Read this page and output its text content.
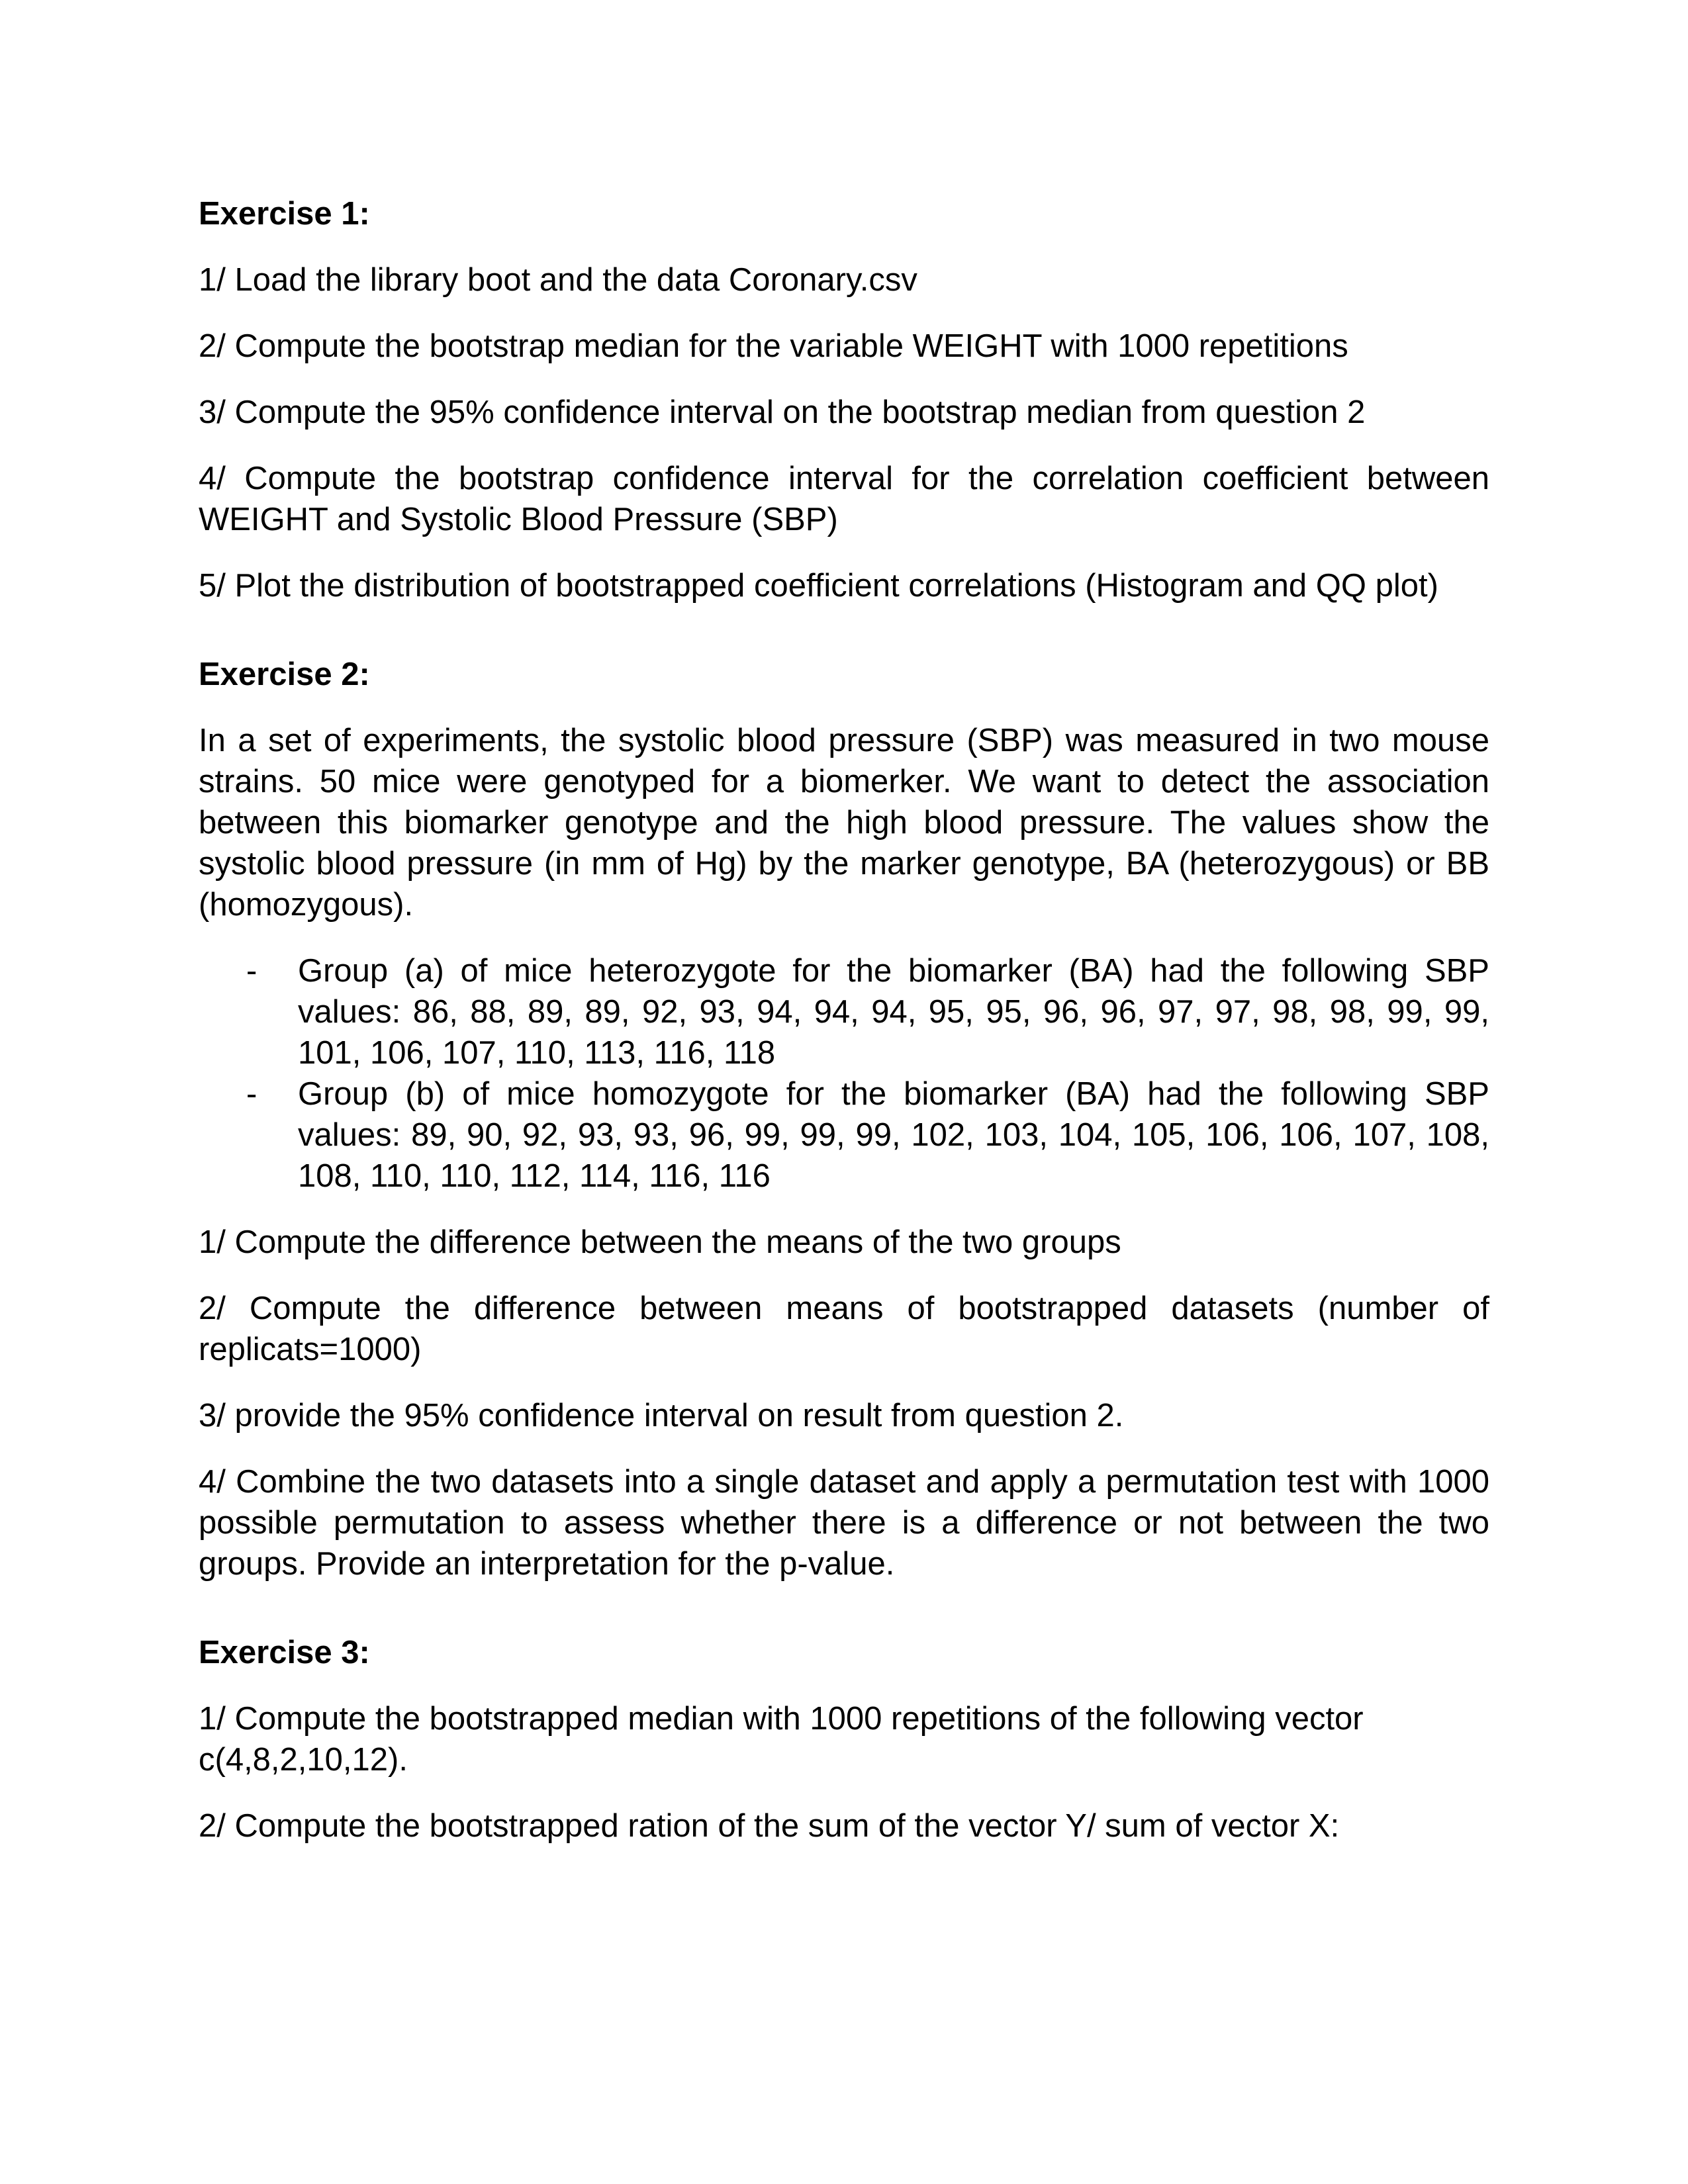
Exercise 1:

1/ Load the library boot and the data Coronary.csv

2/ Compute the bootstrap median for the variable WEIGHT with 1000 repetitions

3/ Compute the 95% confidence interval on the bootstrap median from question 2

4/ Compute the bootstrap confidence interval for the correlation coefficient between WEIGHT and Systolic Blood Pressure (SBP)

5/ Plot the distribution of bootstrapped coefficient correlations (Histogram and QQ plot)

Exercise 2:

In a set of experiments, the systolic blood pressure (SBP) was measured in two mouse strains. 50 mice were genotyped for a biomerker. We want to detect the association between this biomarker genotype and the high blood pressure. The values show the systolic blood pressure (in mm of Hg) by the marker genotype, BA (heterozygous) or BB (homozygous).

- Group (a) of mice heterozygote for the biomarker (BA) had the following SBP values: 86, 88, 89, 89, 92, 93, 94, 94, 94, 95, 95, 96, 96, 97, 97, 98, 98, 99, 99, 101, 106, 107, 110, 113, 116, 118
- Group (b) of mice homozygote for the biomarker (BA) had the following SBP values: 89, 90, 92, 93, 93, 96, 99, 99, 99, 102, 103, 104, 105, 106, 106, 107, 108, 108, 110, 110, 112, 114, 116, 116

1/ Compute the difference between the means of the two groups

2/ Compute the difference between means of bootstrapped datasets (number of replicats=1000)

3/ provide the 95% confidence interval on result from question 2.

4/ Combine the two datasets into a single dataset and apply a permutation test with 1000 possible permutation to assess whether there is a difference or not between the two groups. Provide an interpretation for the p-value.

Exercise 3:

1/ Compute the bootstrapped median with 1000 repetitions of the following vector c(4,8,2,10,12).

2/ Compute the bootstrapped ration of the sum of the vector Y/ sum of vector X:
